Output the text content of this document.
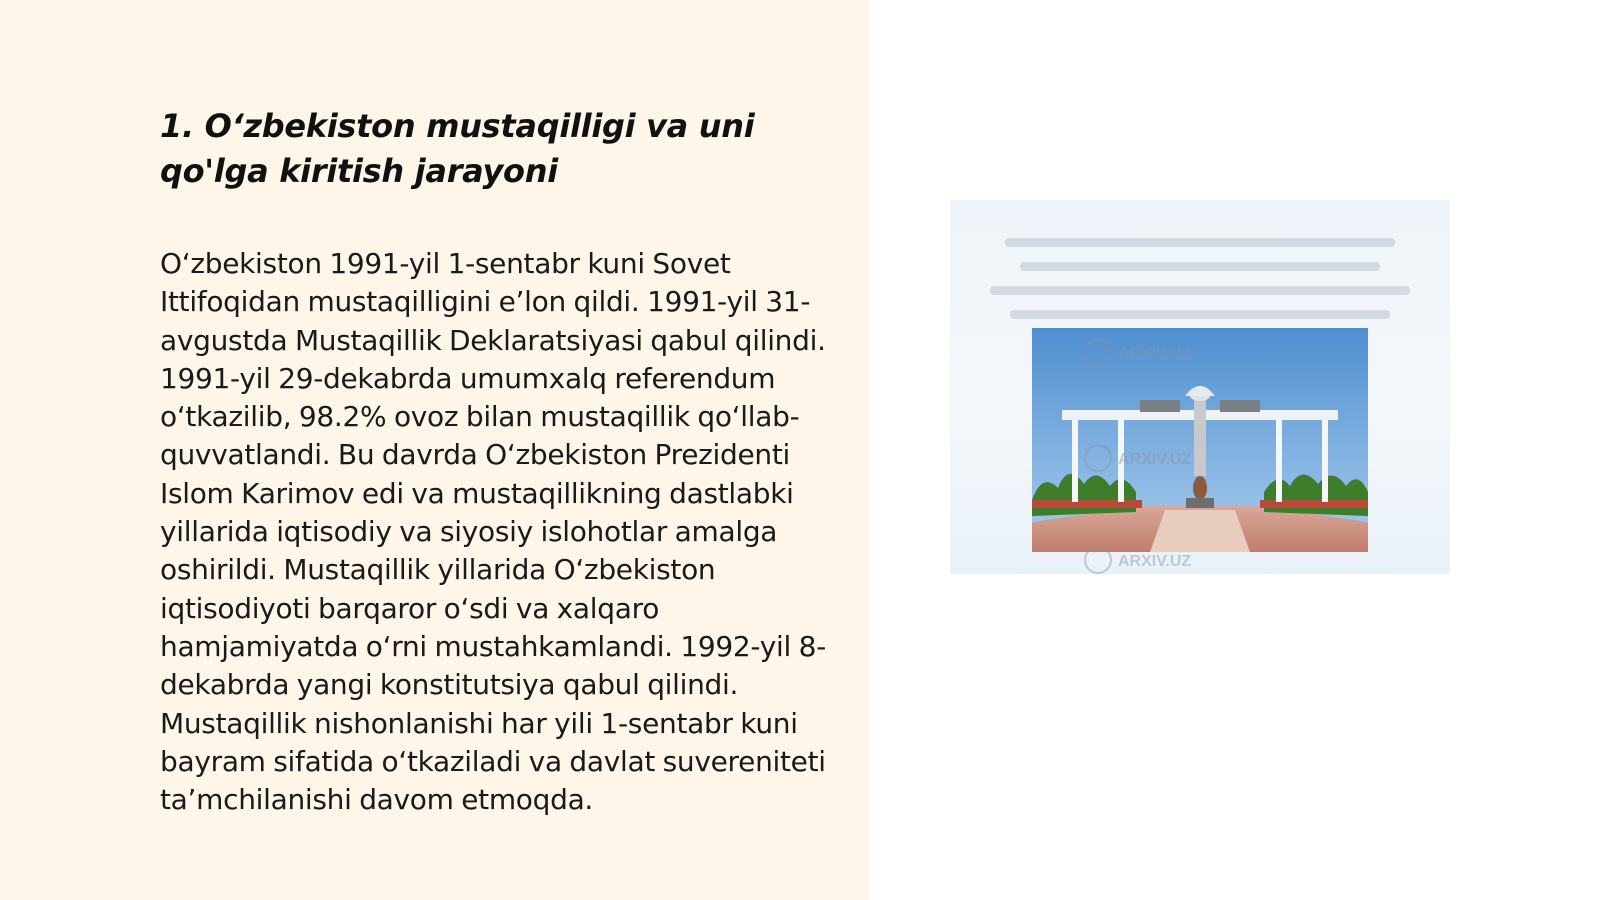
1. O‘zbekiston mustaqilligi va uni qo'lga kiritish jarayoni

O‘zbekiston 1991-yil 1-sentabr kuni Sovet Ittifoqidan mustaqilligini e’lon qildi. 1991-yil 31-avgustda Mustaqillik Deklaratsiyasi qabul qilindi. 1991-yil 29-dekabrda umumxalq referendum o‘tkazilib, 98.2% ovoz bilan mustaqillik qo‘llab-quvvatlandi. Bu davrda O‘zbekiston Prezidenti Islom Karimov edi va mustaqillikning dastlabki yillarida iqtisodiy va siyosiy islohotlar amalga oshirildi. Mustaqillik yillarida O‘zbekiston iqtisodiyoti barqaror o‘sdi va xalqaro hamjamiyatda o‘rni mustahkamlandi. 1992-yil 8-dekabrda yangi konstitutsiya qabul qilindi. Mustaqillik nishonlanishi har yili 1-sentabr kuni bayram sifatida o‘tkaziladi va davlat suvereniteti ta’mchilanishi davom etmoqda.

ARXIV.UZ
ARXIV.UZ
ARXIV.UZ
